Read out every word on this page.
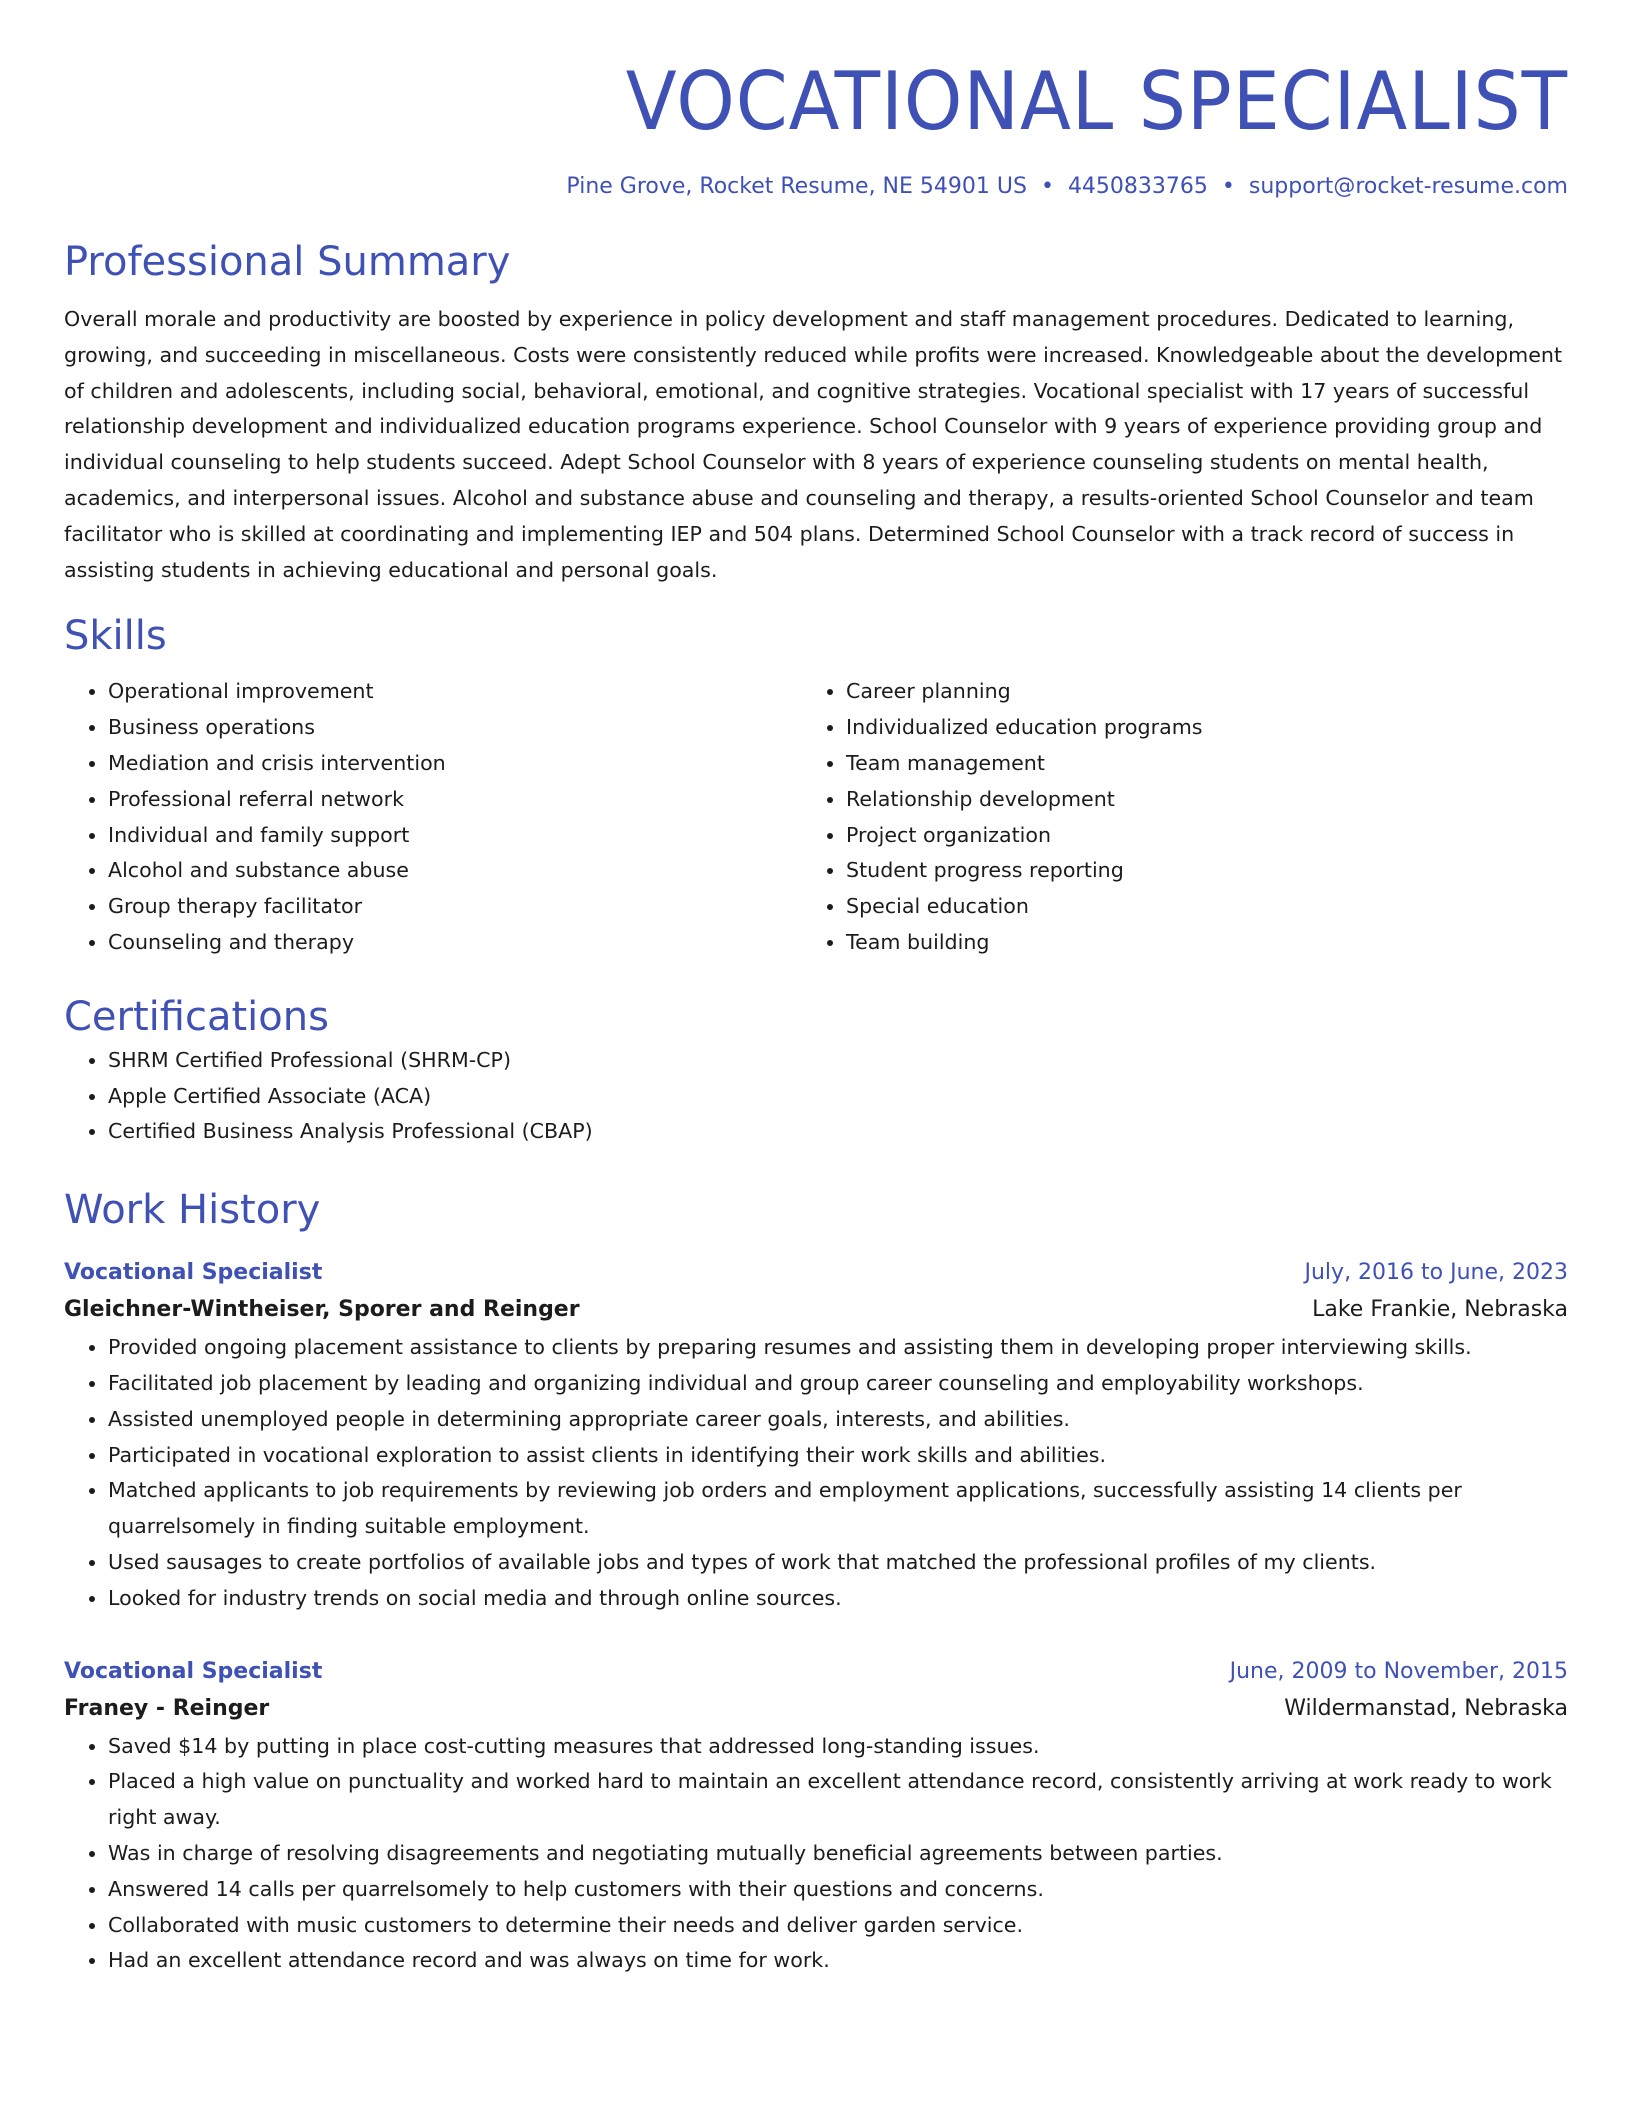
VOCATIONAL SPECIALIST
Pine Grove, Rocket Resume, NE 54901 US • 4450833765 • support@rocket-resume.com
Professional Summary
Overall morale and productivity are boosted by experience in policy development and staff management procedures. Dedicated to learning, growing, and succeeding in miscellaneous. Costs were consistently reduced while profits were increased. Knowledgeable about the development of children and adolescents, including social, behavioral, emotional, and cognitive strategies. Vocational specialist with 17 years of successful relationship development and individualized education programs experience. School Counselor with 9 years of experience providing group and individual counseling to help students succeed. Adept School Counselor with 8 years of experience counseling students on mental health, academics, and interpersonal issues. Alcohol and substance abuse and counseling and therapy, a results-oriented School Counselor and team facilitator who is skilled at coordinating and implementing IEP and 504 plans. Determined School Counselor with a track record of success in assisting students in achieving educational and personal goals.
Skills
• Operational improvement
• Business operations
• Mediation and crisis intervention
• Professional referral network
• Individual and family support
• Alcohol and substance abuse
• Group therapy facilitator
• Counseling and therapy
• Career planning
• Individualized education programs
• Team management
• Relationship development
• Project organization
• Student progress reporting
• Special education
• Team building
Certifications
• SHRM Certified Professional (SHRM-CP)
• Apple Certified Associate (ACA)
• Certified Business Analysis Professional (CBAP)
Work History
Vocational Specialist	July, 2016 to June, 2023
Gleichner-Wintheiser, Sporer and Reinger	Lake Frankie, Nebraska
• Provided ongoing placement assistance to clients by preparing resumes and assisting them in developing proper interviewing skills.
• Facilitated job placement by leading and organizing individual and group career counseling and employability workshops.
• Assisted unemployed people in determining appropriate career goals, interests, and abilities.
• Participated in vocational exploration to assist clients in identifying their work skills and abilities.
• Matched applicants to job requirements by reviewing job orders and employment applications, successfully assisting 14 clients per quarrelsomely in finding suitable employment.
• Used sausages to create portfolios of available jobs and types of work that matched the professional profiles of my clients.
• Looked for industry trends on social media and through online sources.
Vocational Specialist	June, 2009 to November, 2015
Franey - Reinger	Wildermanstad, Nebraska
• Saved $14 by putting in place cost-cutting measures that addressed long-standing issues.
• Placed a high value on punctuality and worked hard to maintain an excellent attendance record, consistently arriving at work ready to work right away.
• Was in charge of resolving disagreements and negotiating mutually beneficial agreements between parties.
• Answered 14 calls per quarrelsomely to help customers with their questions and concerns.
• Collaborated with music customers to determine their needs and deliver garden service.
• Had an excellent attendance record and was always on time for work.
